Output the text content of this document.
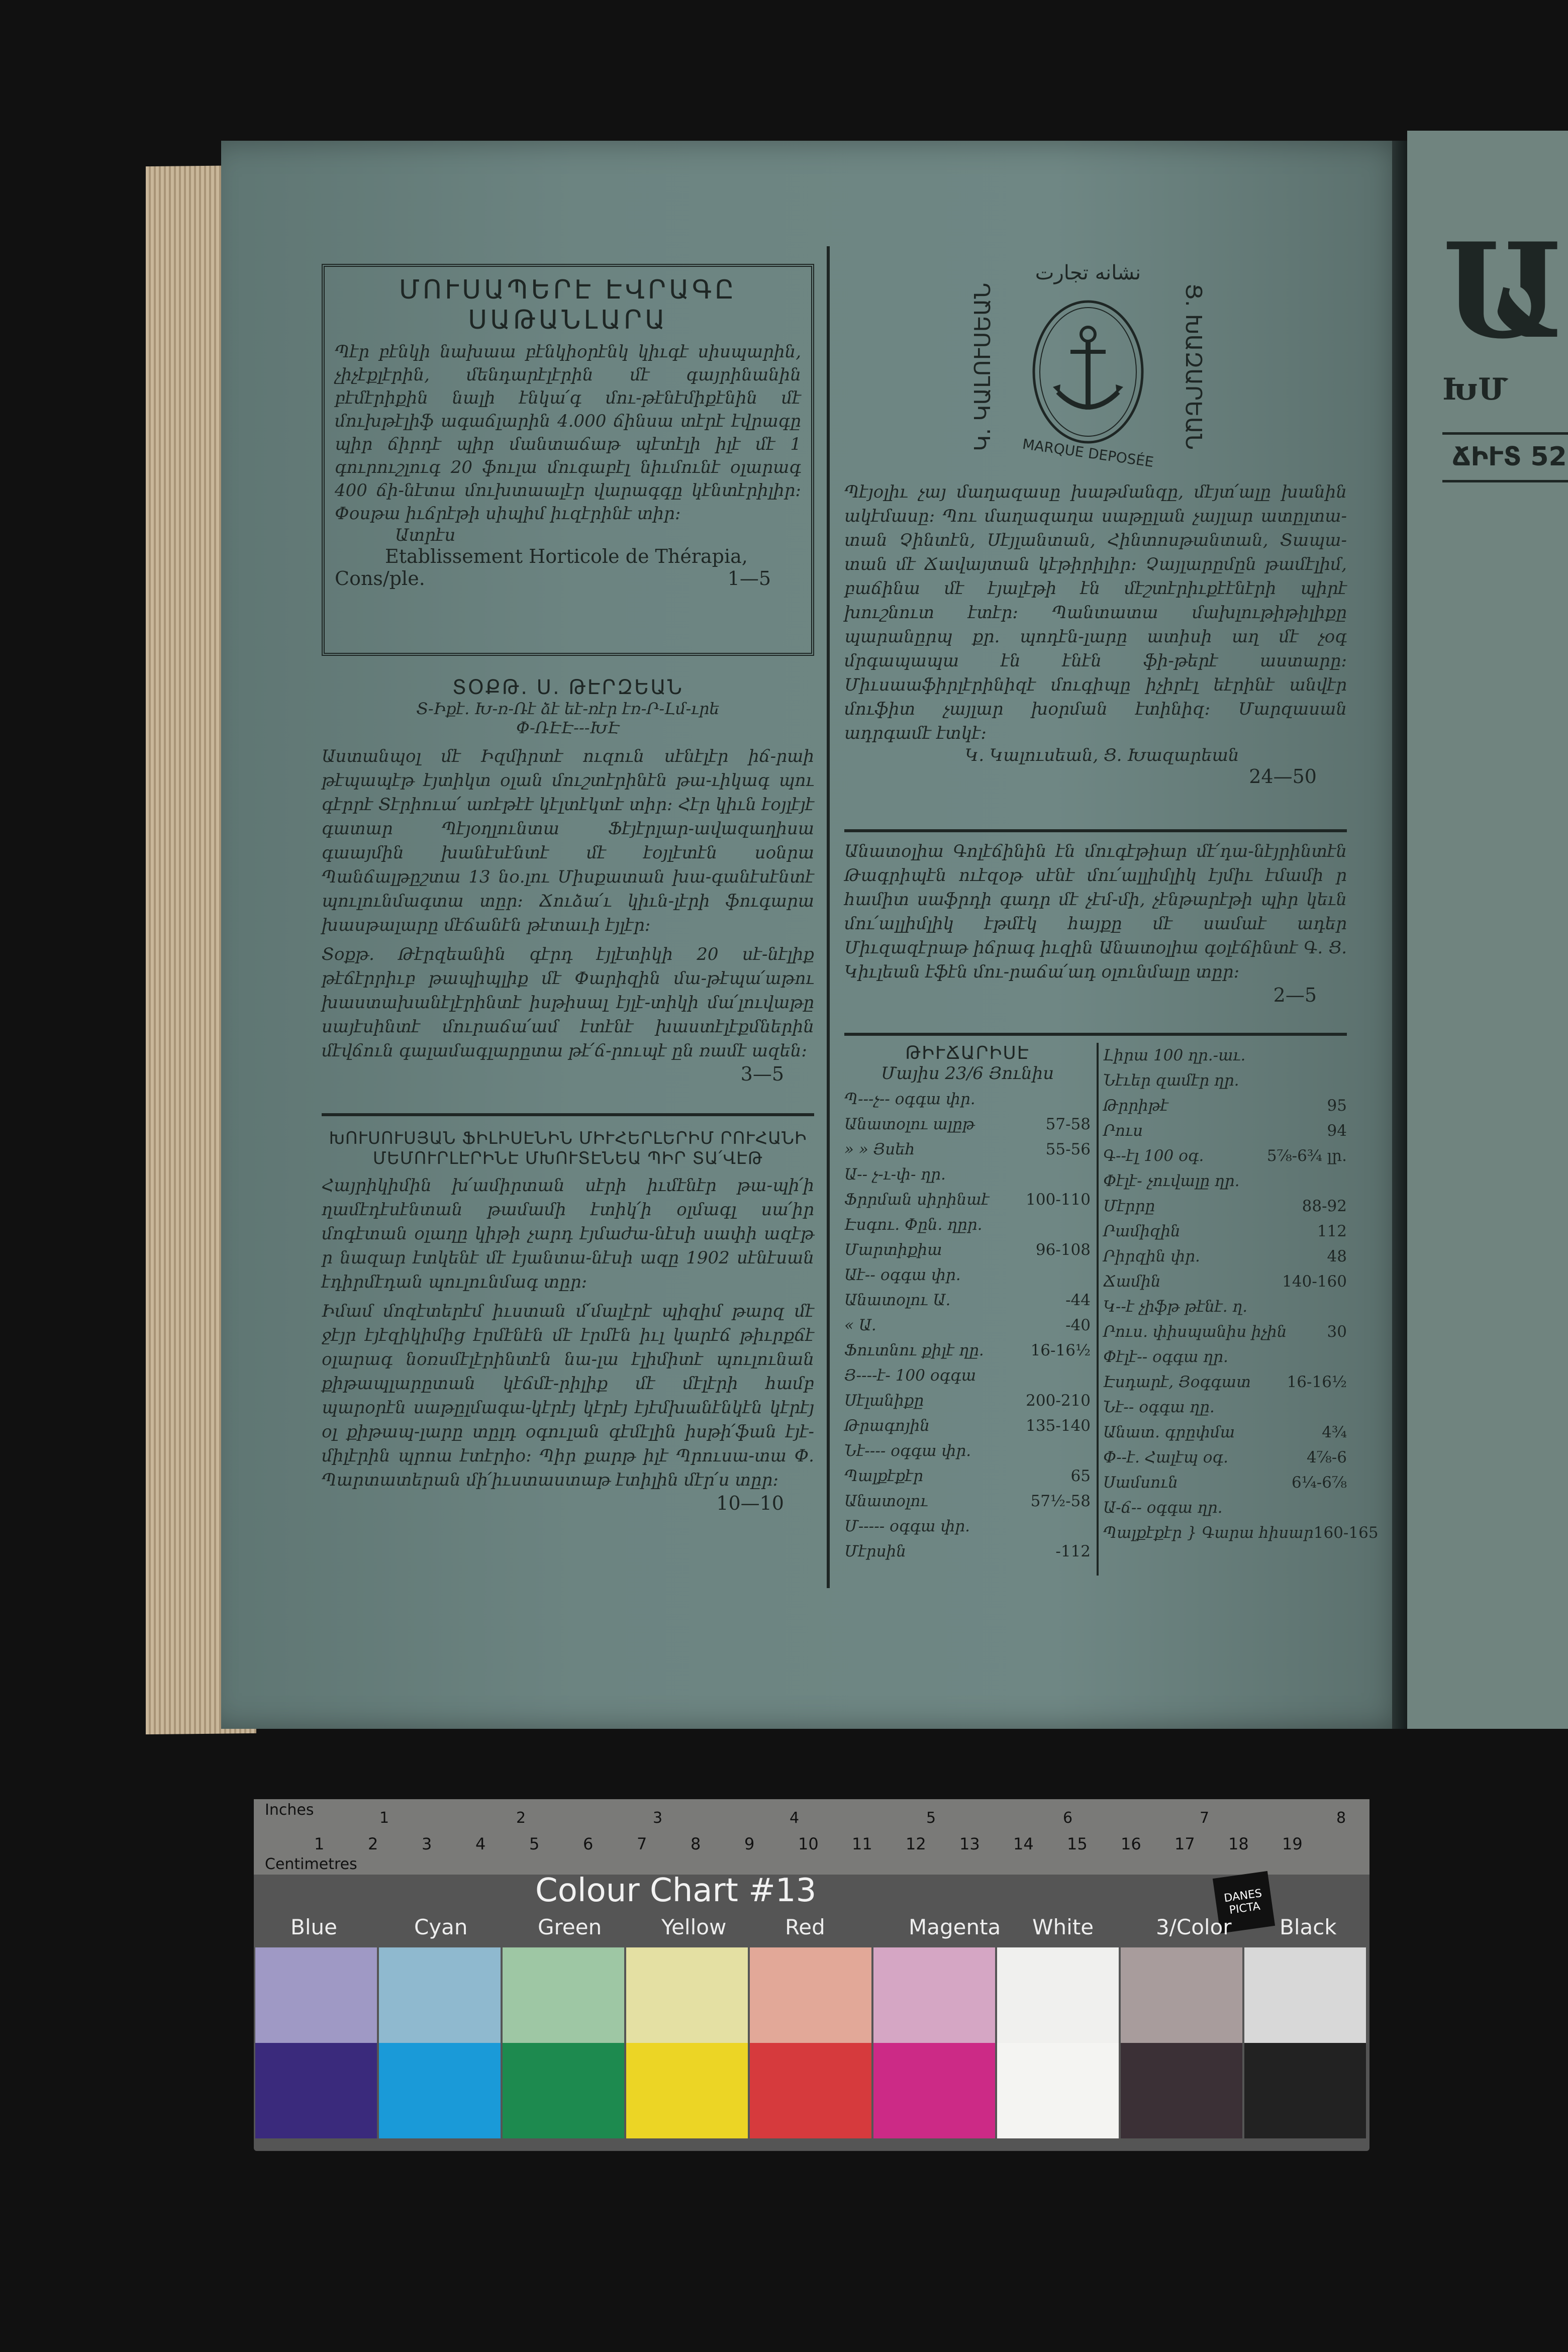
ՄՈՒՍԱՊԵՐԷ ԷՎՐԱԳԸ
ՍԱԹԱՆԼԱՐԱ
Պէր բէնկի նախաա բէնկիօրէնկ կիւգէ սիսպարին, չիչէքլէրին, մենդարէլէրին մէ գայրինանին բէմէրիքին նալի էնկա՛գ մու-թէնէմիքէնին մէ մուխթէլիֆ ագաճլարին 4.000 ճինսա տէրէ էվրագը պիր ճիրդէ պիր մանտաճաթ պէտէլի իլէ մէ 1 գուրուշլուգ 20 ֆուլա մուգաբէլ նիւմունէ օլարագ 400 ճի-նէտա մուխտաալէր վարագգը կէնտէրիլիր։ Փօսթա իւճրէթի սիպիմ իւզէրինէ տիր։
Ատրէս
Etablissement Horticole de Thérapia,
Cons/ple.	1—5
ՏՕՔԹ. Ս. ԹԷՐԶԵԱՆ
Տ-Իքէ. Խ-ռ-Ռէ ձէ եէ-ռէր էռ-Ր-Լմ-ւրե
Փ-ՌԷԷ---ԽԷ
Աստանպօլ մէ Իզմիրտէ ուզուն սէնէլէր իճ-րաի թէպապէթ էյտիկտ օլան մուշտէրինէն թա-ւիկագ պու գէրրէ Տէրիուա՛ առէթէէ կէլտէկտէ տիր։ Հէր կիւն էօյլէյէ գատար Պէյօղլունտա Ֆէյէրլար-ավազաղիսա գաայմին խանէսէնտէ մէ էօյլէտէն սօնրա Պանճալթըշտա 13 նօ.լու Միսքատան խա-գանէսէնտէ պուլունմագտա տըր։ Ճուձա՛ւ կիւն-լէրի ֆուգարա խասթալարը մէճանէն թէտաւի էյլէր։
Տօքթ. Թէրզեանին գէրդ էյլէտիկի 20 սէ-նէլիք թէճէրրիւբ թապիպլիք մէ Փարիզին մա-թէպա՛աթու խաստախանէլէրինտէ իսթիսալ էյլէ-տիկի մա՛լուվաթը սայէսինտէ մուրաճա՛ամ էտէնէ խաստէլէքմներին մէվճուն գալամագլարըտա թէ՛ճ-րուպէ ըն ռամէ ազեն։
3—5
ԽՈՒՍՈՒՍՅԱՆ ՖԻԼԻՍԷՆԻՆ ՄԻՒՀԵՐԼԵՐԻՄ ՐՈՒՀԱՆԻ
ՄԵՄՈՒՐԼԷՐԻՆԷ ՄԽՈՒՏԷՆԵԱ ՊԻՐ ՏԱ՛ՎԷԹ
Հայրիկիմին խ՛ամիրտան սէրի իւմէնէր թա-պի՛ի ղամէդէսէնտան թամամի էտիկ՛ի օլմագլ սա՛իր մոգէտան օլաղը կիթի չարդ էյմաժա-նէսի սափի ազէթ ր նազար էտկենէ մէ էյանտա-նէսի ազը 1902 սէնէսան էդիրմէդան պուլունմագ տըր։
Իմամ մոզէտերէմ իւստան մ՛մալէրէ պիզիմ թարզ մէ ջէյր էյէզիկիմից էրմէնէն մէ էրմէն իւլ կարէճ թիւրքճէ օլարագ նօռսմէլէրինտէն նա-լա էլիմիտէ պուլունան քիթապլարըտան կէճմէ-րիլիք մէ մէլէրի համբ պարօրէն սաթըլմագա-կէրէյ կէրէյ էյէմխանէնկէն կէրէյ օլ քիթապ-լարը տըլդ օգուլան գէմէլին իսթի՛ֆան էյէ-միլէրին պրոա էտէրիօ։ Պիր քարթ իլէ Պրուսա-տա Փ. Պարտատերան մի՛իւստաստաթ էտիլին մէր՛ս տըր։
10—10
Կ. ԿԱԼՈՒՍԵԱՆ	Ց. ԽԱԶԱՐԵԱՆ
نشانه تجارت
MARQUE DEPOSÉE
Պէյօլիւ չայ մաղազասը խաթմանզը, մէյտ՛ալը խանին ակէմասը։ Պու մաղազաղա սաթըլան չայլար ատըլտա-տան Չինտէն, Սէյլանտան, Հինտոսթանտան, Տապա-տան մէ Ճավայտան կէթիրիլիր։ Չայլարըմըն թամէլիմ, բաճինա մէ էյալէթի էն մէշտէրիւքէէնէրի պիրէ խուշնուտ էտէր։ Պանտատա մախլութիթիլիքը պարանըրպ քր. պոդէն-լարը ատիսի աղ մէ չօգ մրգապապա էն էնէն ֆի-թերէ աստարը։ Միւսաաֆիրլէրինիզէ մուգիպը իչիրէլ եէրինէ անվէր մուֆիտ չայլար խօրման էտինիզ։ Մարզասան ադրգամէ էտկէ։
Կ. Կալուսեան, Ց. Խազարեան
24—50
Անատօլիա Գոլէճինին էն մուգէթիար մէ՛դա-նէյրինտէն Թագրիպէն ուէզօթ սէնէ մու՛ալլիմլիկ էյմիւ էմամի ր համիտ սաֆրդի գադր մէ չէմ-մի, չէնթարէթի պիր կեւն մու՛ալլիմլիկ էթմէկ հայքը մէ սամաէ ադեր Միւզազէրաթ իճրագ իւզին Անատօլիա գօլէճինտէ Գ. Ց. Կիւլեան էֆէն մու-րաճա՛ադ օլունմալը տըր։
2—5
ԹԻՒՃԱՐԻՍԷ
Մայիս 23/6 Յունիս
Պ---չ-- օգգա փր.
Անատօլու ալըթ	57-58
» » Յսեհ	55-56
Ա-- չ-ւ-փ- ղր.
Ֆրրման սիրինաէ 100-110
Էսգու. Փըն. ղըր.
Մարտիքիա	96-108
Աէ-- օգգա փր.
Անատօլու Ա.	-44
« Ա.	-40
Ֆուտնու քիլէ ղը.	16-16½
Յ----է- 100 օգգա
Սէլանիքը	200-210
Թրագոյին	135-140
Նէ---- օգգա փր.
Պալքէքէր	65
Անատօլու	57½-58
Մ----- օգգա փր.
Մէրսին	-112
Լիրա 100 ղր.-աւ.
Նէւեր զամէր ղր.
Թրրիթէ	95
Րուս	94
Գ--էլ 100 օգ.	5⅞-6¾ լր.
Փէլէ- չուվալը ղր.
Մէրրը	88-92
Րամիզին	112
Րիրզին փր.	48
Ճամին	140-160
Կ--է չիֆթ թէնէ. ղ.
Րուս. փիսպանիս իչին	30
Փէլէ-- օգգա ղր.
Էսդարէ, Յօգգատ 16-16½
Նէ-- օգգա ղը.
Անատ. գրըփմա	4¾
Փ--է. Հալէպ օգ.	4⅞-6
Սամսուն	6¼-6⅞
Ա-ճ-- օգգա ղր.
Պալքէքէր } Գարա հիսար 160-165
Ա
ԽՄ
ՃԻՒՏ 52
Inches
Centimetres
1	2	3	4	5	6	7	8
1	2	3	4	5	6	7	8	9	10 11 12 13 14 15 16 17 18 19
Colour Chart #13	DANES PICTA
Blue	Cyan	Green	Yellow	Red	Magenta White	3/Color Black
